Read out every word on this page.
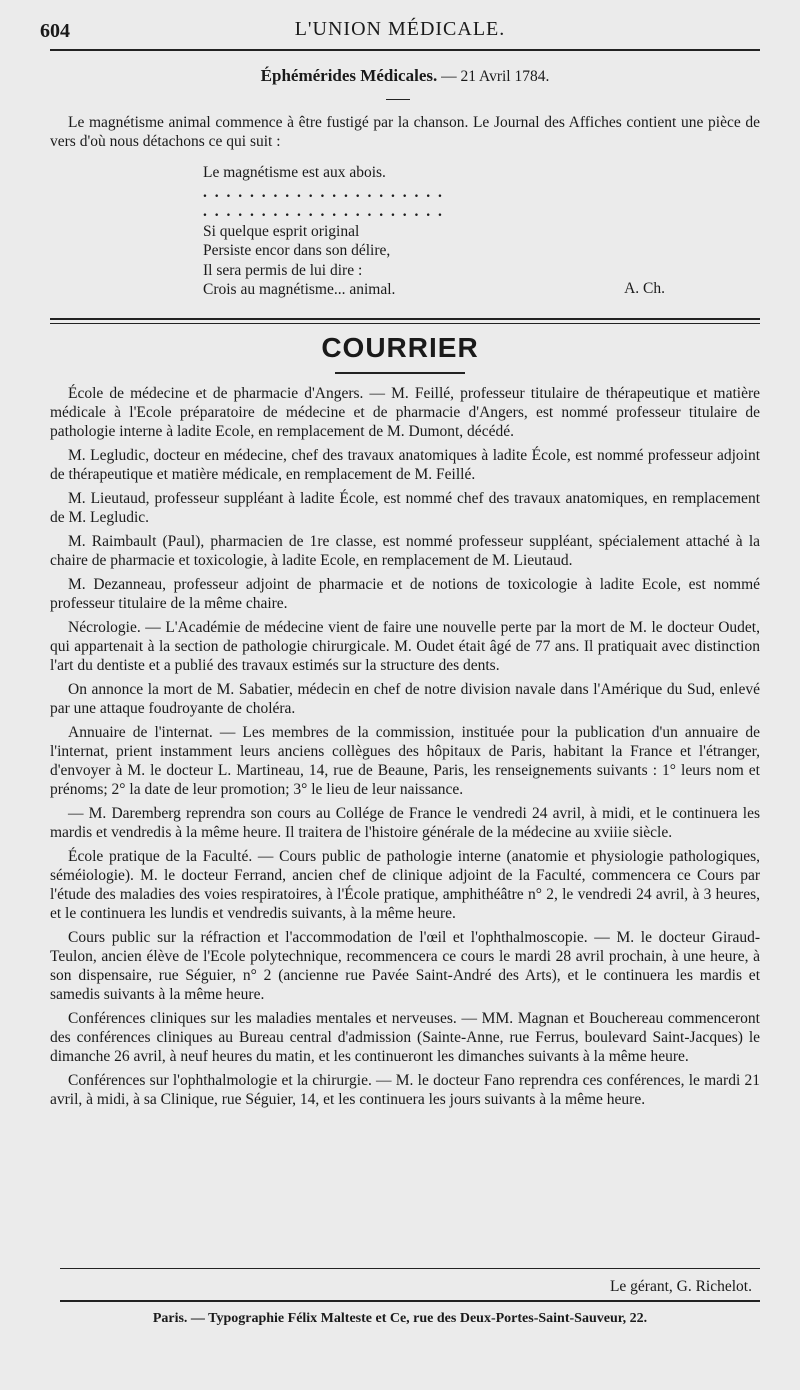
604	L'UNION MÉDICALE.
Éphémérides Médicales. — 21 Avril 1784.

Le magnétisme animal commence à être fustigé par la chanson. Le Journal des Affiches contient une pièce de vers d'où nous détachons ce qui suit :

Le magnétisme est aux abois.
. . . . . . . . . . . . . . . . . . . . .
. . . . . . . . . . . . . . . . . . . . .
Si quelque esprit original
Persiste encor dans son délire,
Il sera permis de lui dire :
Crois au magnétisme... animal.	A. Ch.
COURRIER

École de médecine et de pharmacie d'Angers. — M. Feillé, professeur titulaire de thérapeutique et matière médicale à l'Ecole préparatoire de médecine et de pharmacie d'Angers, est nommé professeur titulaire de pathologie interne à ladite Ecole, en remplacement de M. Dumont, décédé.

M. Legludic, docteur en médecine, chef des travaux anatomiques à ladite École, est nommé professeur adjoint de thérapeutique et matière médicale, en remplacement de M. Feillé.

M. Lieutaud, professeur suppléant à ladite École, est nommé chef des travaux anatomiques, en remplacement de M. Legludic.

M. Raimbault (Paul), pharmacien de 1re classe, est nommé professeur suppléant, spécialement attaché à la chaire de pharmacie et toxicologie, à ladite Ecole, en remplacement de M. Lieutaud.

M. Dezanneau, professeur adjoint de pharmacie et de notions de toxicologie à ladite Ecole, est nommé professeur titulaire de la même chaire.

Nécrologie. — L'Académie de médecine vient de faire une nouvelle perte par la mort de M. le docteur Oudet, qui appartenait à la section de pathologie chirurgicale. M. Oudet était âgé de 77 ans. Il pratiquait avec distinction l'art du dentiste et a publié des travaux estimés sur la structure des dents.

On annonce la mort de M. Sabatier, médecin en chef de notre division navale dans l'Amérique du Sud, enlevé par une attaque foudroyante de choléra.

Annuaire de l'internat. — Les membres de la commission, instituée pour la publication d'un annuaire de l'internat, prient instamment leurs anciens collègues des hôpitaux de Paris, habitant la France et l'étranger, d'envoyer à M. le docteur L. Martineau, 14, rue de Beaune, Paris, les renseignements suivants : 1° leurs nom et prénoms; 2° la date de leur promotion; 3° le lieu de leur naissance.

— M. Daremberg reprendra son cours au Collége de France le vendredi 24 avril, à midi, et le continuera les mardis et vendredis à la même heure. Il traitera de l'histoire générale de la médecine au xviiie siècle.

École pratique de la Faculté. — Cours public de pathologie interne (anatomie et physiologie pathologiques, séméiologie). M. le docteur Ferrand, ancien chef de clinique adjoint de la Faculté, commencera ce Cours par l'étude des maladies des voies respiratoires, à l'École pratique, amphithéâtre n° 2, le vendredi 24 avril, à 3 heures, et le continuera les lundis et vendredis suivants, à la même heure.

Cours public sur la réfraction et l'accommodation de l'œil et l'ophthalmoscopie. — M. le docteur Giraud-Teulon, ancien élève de l'Ecole polytechnique, recommencera ce cours le mardi 28 avril prochain, à une heure, à son dispensaire, rue Séguier, n° 2 (ancienne rue Pavée Saint-André des Arts), et le continuera les mardis et samedis suivants à la même heure.

Conférences cliniques sur les maladies mentales et nerveuses. — MM. Magnan et Bouchereau commenceront des conférences cliniques au Bureau central d'admission (Sainte-Anne, rue Ferrus, boulevard Saint-Jacques) le dimanche 26 avril, à neuf heures du matin, et les continueront les dimanches suivants à la même heure.

Conférences sur l'ophthalmologie et la chirurgie. — M. le docteur Fano reprendra ces conférences, le mardi 21 avril, à midi, à sa Clinique, rue Séguier, 14, et les continuera les jours suivants à la même heure.

Le gérant, G. Richelot.
Paris. — Typographie Félix Malteste et Ce, rue des Deux-Portes-Saint-Sauveur, 22.
